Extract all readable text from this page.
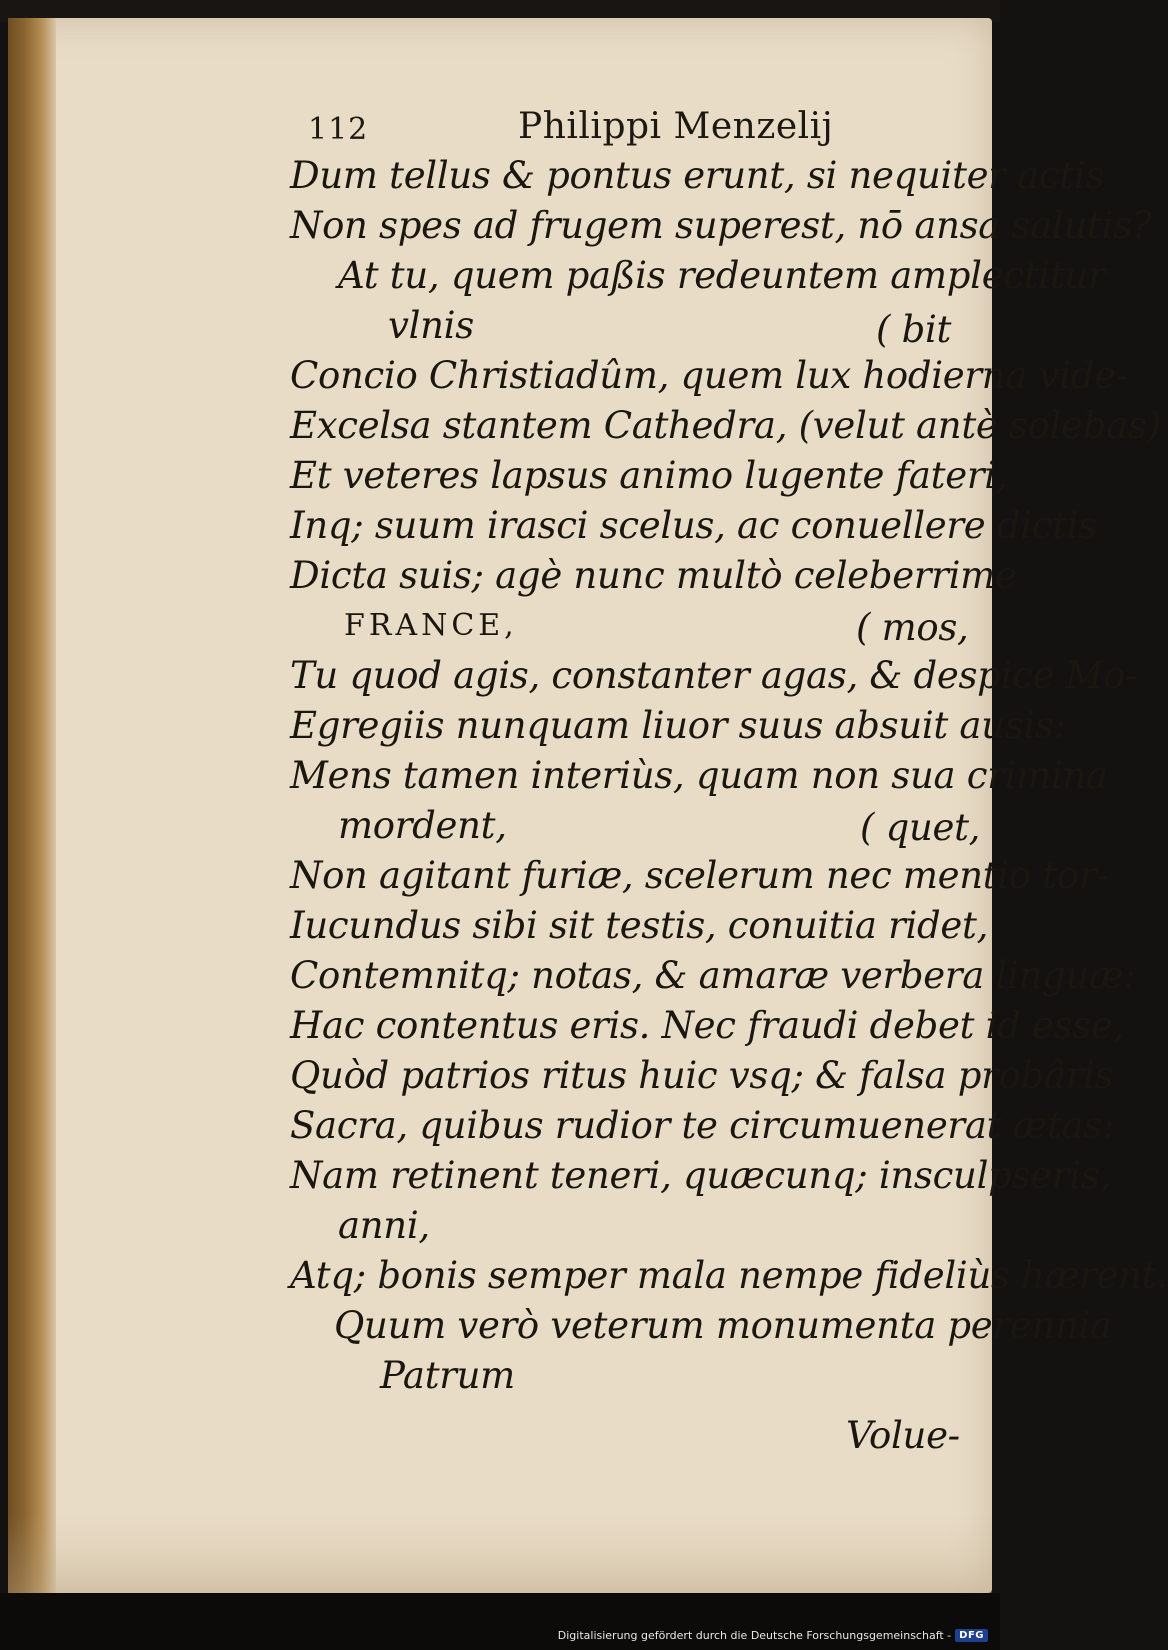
112	Philippi Menzelij
Dum tellus & pontus erunt, si nequiter actis
Non spes ad frugem superest, nō ansa salutis?
At tu, quem paßis redeuntem amplectitur
vlnis	( bit
Concio Christiadûm, quem lux hodierna vide-
Excelsa stantem Cathedra, (velut antè solebas)
Et veteres lapsus animo lugente fateri,
Inq; suum irasci scelus, ac conuellere dictis
Dicta suis; agè nunc multò celeberrime
FRANCE,	( mos,
Tu quod agis, constanter agas, & despice Mo-
Egregiis nunquam liuor suus absuit ausis:
Mens tamen interiùs, quam non sua crimina
mordent,	( quet,
Non agitant furiæ, scelerum nec mentio tor-
Iucundus sibi sit testis, conuitia ridet,
Contemnitq; notas, & amaræ verbera linguæ:
Hac contentus eris. Nec fraudi debet id esse,
Quòd patrios ritus huic vsq; & falsa probâris
Sacra, quibus rudior te circumuenerat ætas:
Nam retinent teneri, quæcunq; insculpseris,
anni,
Atq; bonis semper mala nempe fideliùs hærent.
Quum verò veterum monumenta perennia
Patrum
Volue-
Digitalisierung gefördert durch die Deutsche Forschungsgemeinschaft - DFG
